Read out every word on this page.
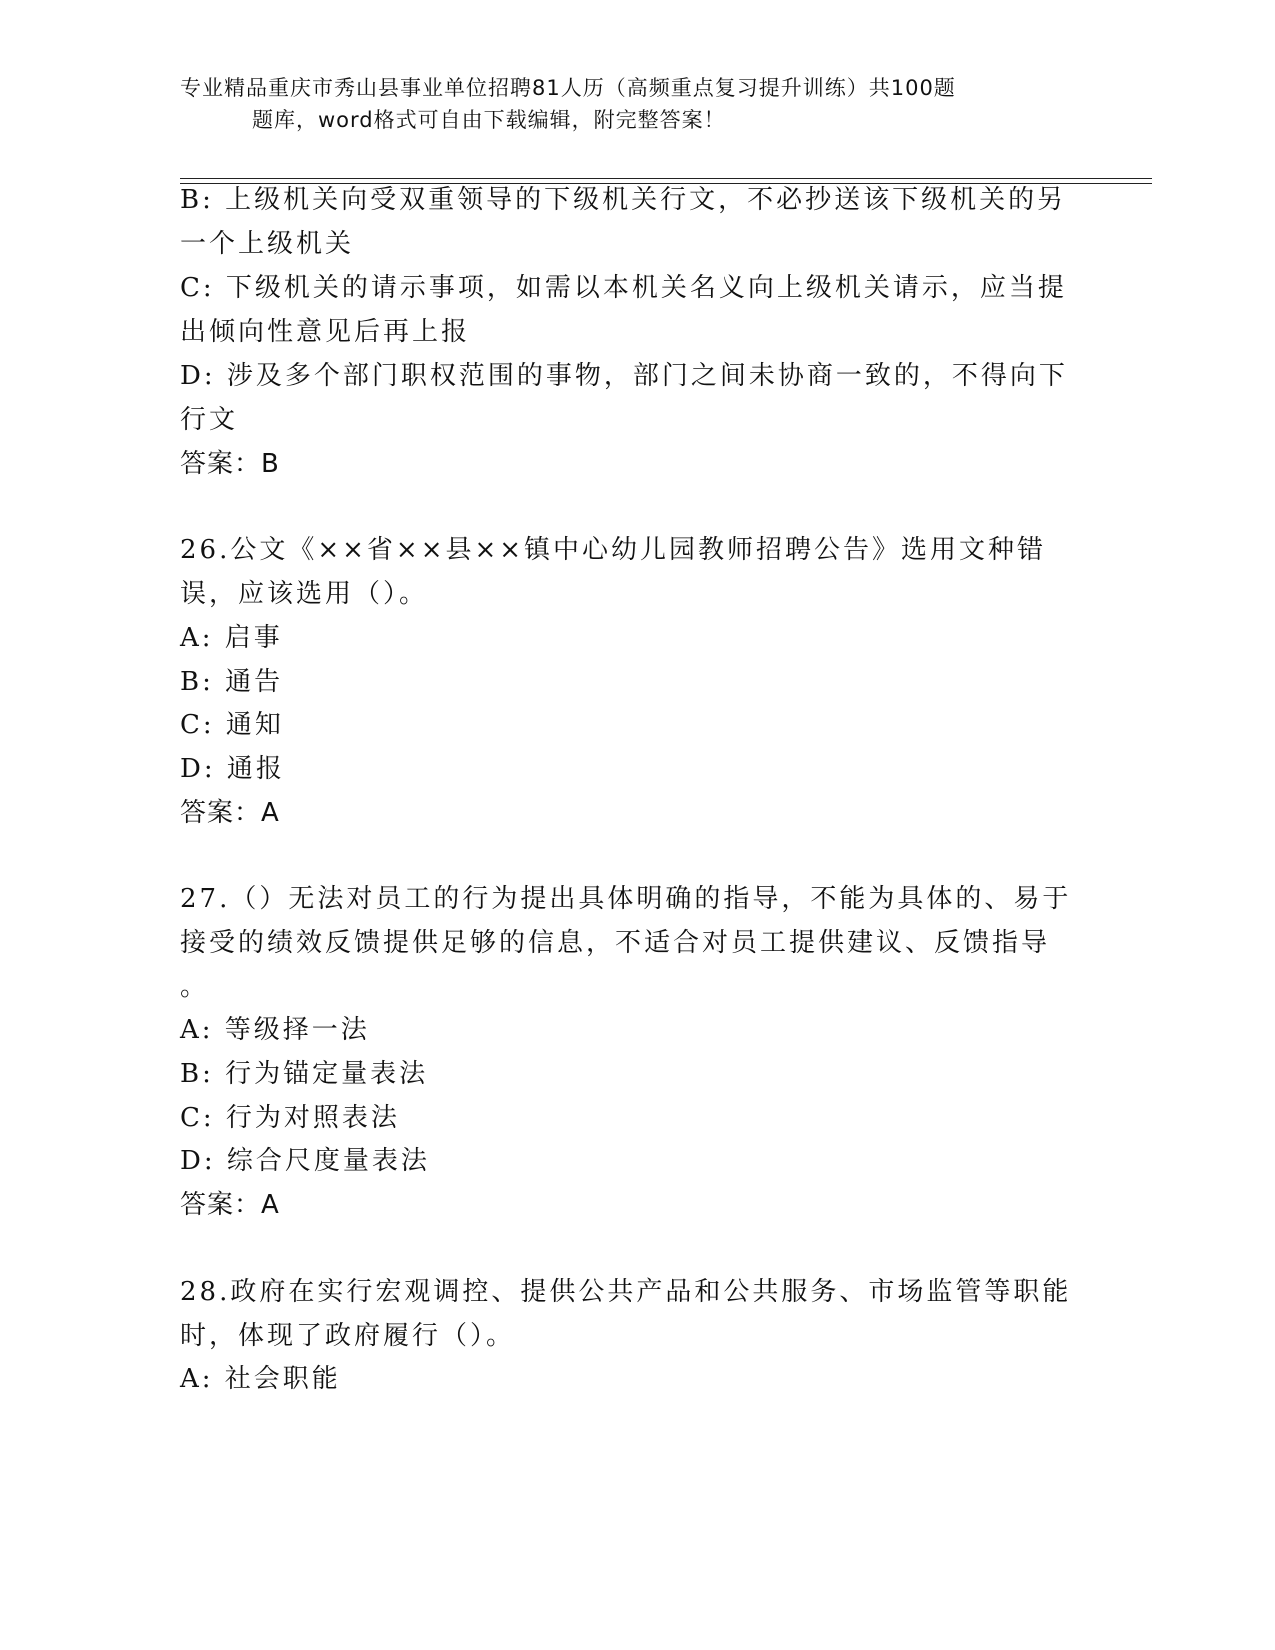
专业精品重庆市秀山县事业单位招聘81人历（高频重点复习提升训练）共100题
题库，word格式可自由下载编辑，附完整答案！
B: 上级机关向受双重领导的下级机关行文，不必抄送该下级机关的另
一个上级机关
C: 下级机关的请示事项，如需以本机关名义向上级机关请示，应当提
出倾向性意见后再上报
D: 涉及多个部门职权范围的事物，部门之间未协商一致的，不得向下
行文
答案：B
26.公文《××省××县××镇中心幼儿园教师招聘公告》选用文种错
误，应该选用（）。
A: 启事
B: 通告
C: 通知
D: 通报
答案：A
27.（）无法对员工的行为提出具体明确的指导，不能为具体的、易于
接受的绩效反馈提供足够的信息，不适合对员工提供建议、反馈指导
。
A: 等级择一法
B: 行为锚定量表法
C: 行为对照表法
D: 综合尺度量表法
答案：A
28.政府在实行宏观调控、提供公共产品和公共服务、市场监管等职能
时，体现了政府履行（）。
A: 社会职能
